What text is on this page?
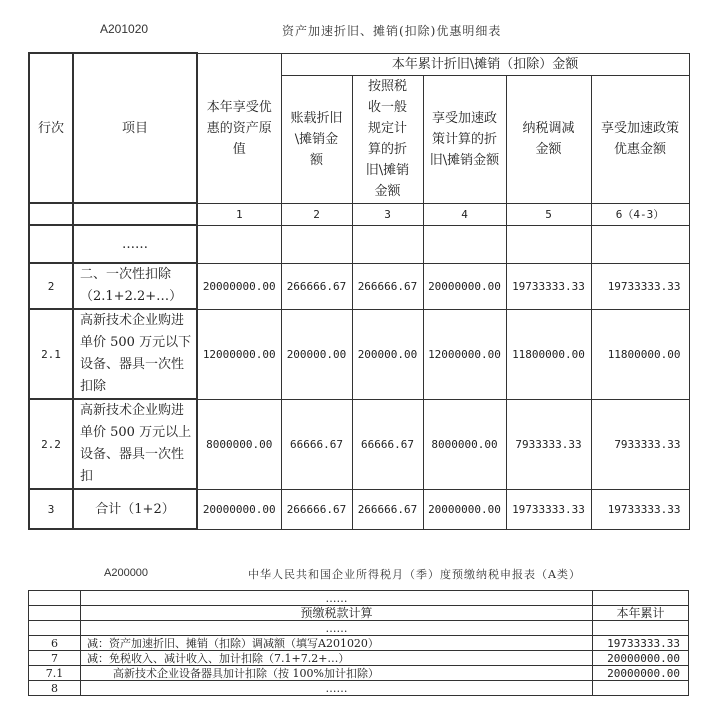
A201020	资产加速折旧、摊销(扣除)优惠明细表
行次	项目	本年享受优惠的资产原值	本年累计折旧\摊销（扣除）金额				
			账载折旧\摊销金额	按照税收一般规定计算的折旧\摊销金额	享受加速政策计算的折旧\摊销金额	纳税调减金额	享受加速政策优惠金额
		1	2	3	4	5	6（4-3）
	……						
2	二、一次性扣除（2.1+2.2+…）	20000000.00	266666.67	266666.67	20000000.00	19733333.33	19733333.33
2.1	高新技术企业购进单价 500 万元以下设备、器具一次性扣除	12000000.00	200000.00	200000.00	12000000.00	11800000.00	11800000.00
2.2	高新技术企业购进单价 500 万元以上设备、器具一次性扣	8000000.00	66666.67	66666.67	8000000.00	7933333.33	7933333.33
3	合计（1+2）	20000000.00	266666.67	266666.67	20000000.00	19733333.33	19733333.33
A200000	中华人民共和国企业所得税月（季）度预缴纳税申报表（A类）
	……	
	预缴税款计算	本年累计
	……	
6	减：资产加速折旧、摊销（扣除）调减额（填写A201020）	19733333.33
7	减：免税收入、减计收入、加计扣除（7.1+7.2+…）	20000000.00
7.1	高新技术企业设备器具加计扣除（按 100%加计扣除）	20000000.00
8	……	
